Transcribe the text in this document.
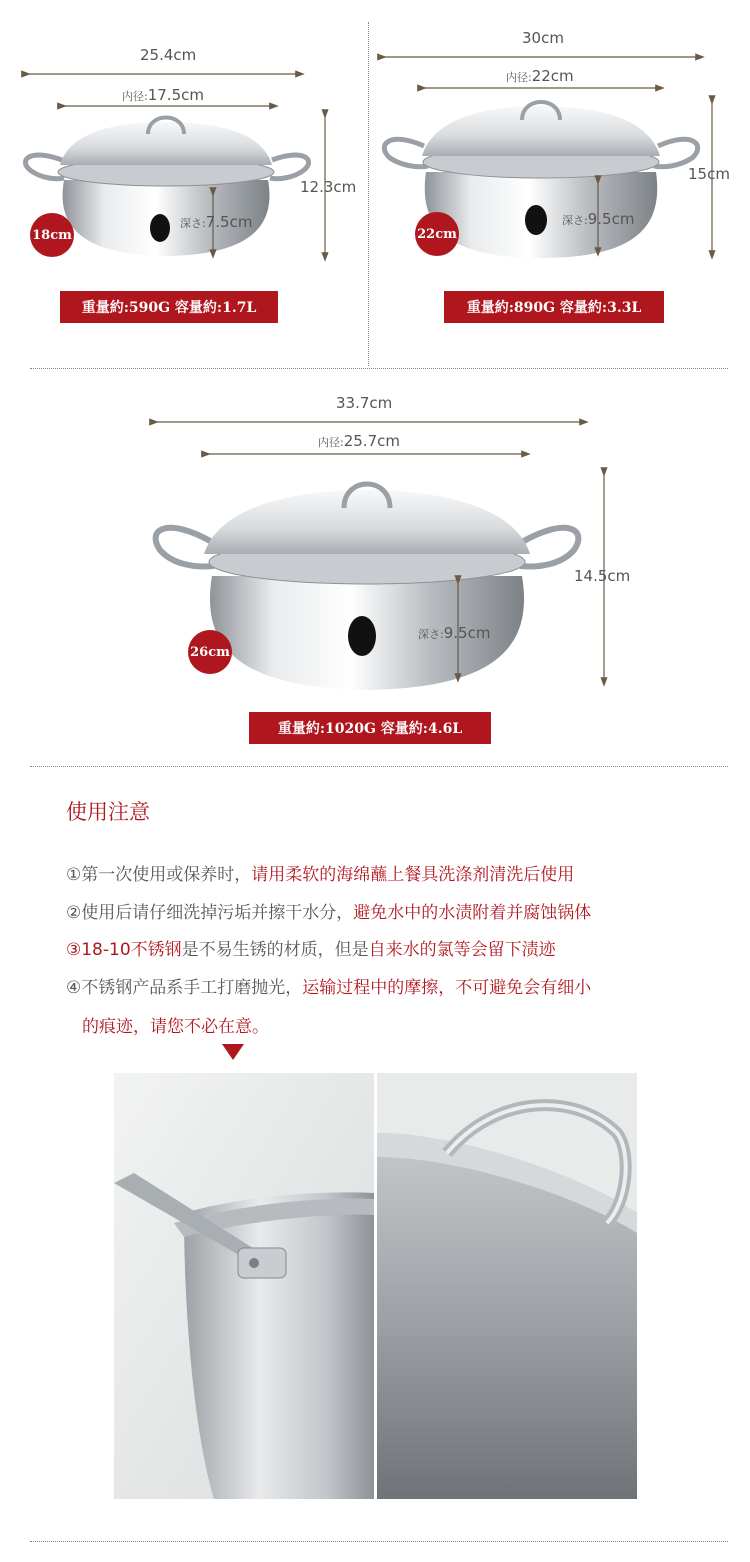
25.4cm
内径:17.5cm
12.3cm
深さ:7.5cm
18cm
重量約:590G 容量約:1.7L
30cm
内径:22cm
15cm
深さ:9.5cm
22cm
重量約:890G 容量約:3.3L
33.7cm
内径:25.7cm
14.5cm
深さ:9.5cm
26cm
重量約:1020G 容量約:4.6L
使用注意
①第一次使用或保养时，请用柔软的海绵蘸上餐具洗涤剂清洗后使用
②使用后请仔细洗掉污垢并擦干水分，避免水中的水渍附着并腐蚀锅体
③18-10不锈钢是不易生锈的材质，但是自来水的氯等会留下渍迹
④不锈钢产品系手工打磨抛光，运输过程中的摩擦，不可避免会有细小
的痕迹，请您不必在意。
